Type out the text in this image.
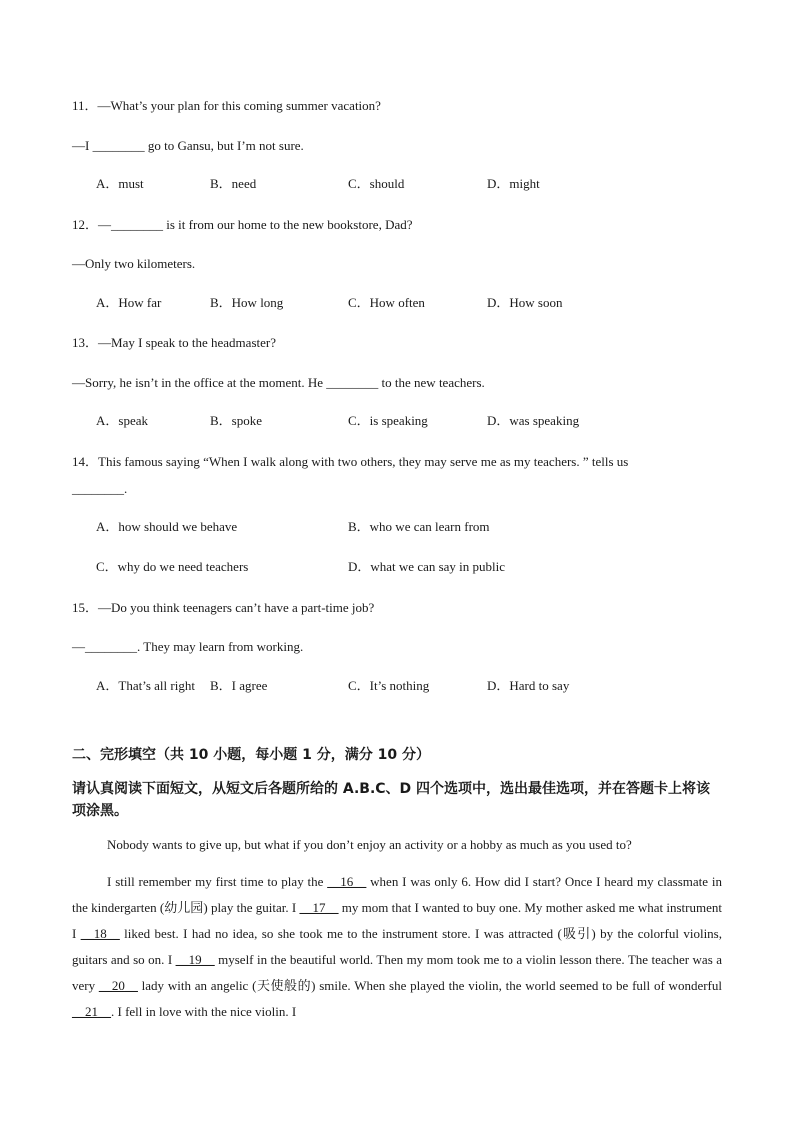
11．—What’s your plan for this coming summer vacation?
—I ________ go to Gansu, but I’m not sure.
A．must	B．need	C．should	D．might
12．—________ is it from our home to the new bookstore, Dad?
—Only two kilometers.
A．How far	B．How long	C．How often	D．How soon
13．—May I speak to the headmaster?
—Sorry, he isn’t in the office at the moment. He ________ to the new teachers.
A．speak	B．spoke	C．is speaking	D．was speaking
14．This famous saying “When I walk along with two others, they may serve me as my teachers. ” tells us
________.
A．how should we behave	B．who we can learn from
C．why do we need teachers	D．what we can say in public
15．—Do you think teenagers can’t have a part-time job?
—________. They may learn from working.
A．That’s all right B．I agree	C．It’s nothing	D．Hard to say
二、完形填空（共 10 小题，每小题 1 分，满分 10 分）
请认真阅读下面短文，从短文后各题所给的 A.B.C、D 四个选项中，选出最佳选项，并在答题卡上将该项涂黑。

Nobody wants to give up, but what if you don’t enjoy an activity or a hobby as much as you used to?

I still remember my first time to play the __16__ when I was only 6. How did I start? Once I heard my classmate in the kindergarten (幼儿园) play the guitar. I __17__ my mom that I wanted to buy one. My mother asked me what instrument I __18__ liked best. I had no idea, so she took me to the instrument store. I was attracted (吸引) by the colorful violins, guitars and so on. I __19__ myself in the beautiful world. Then my mom took me to a violin lesson there. The teacher was a very __20__ lady with an angelic (天使般的) smile. When she played the violin, the world seemed to be full of wonderful __21__. I fell in love with the nice violin. I
